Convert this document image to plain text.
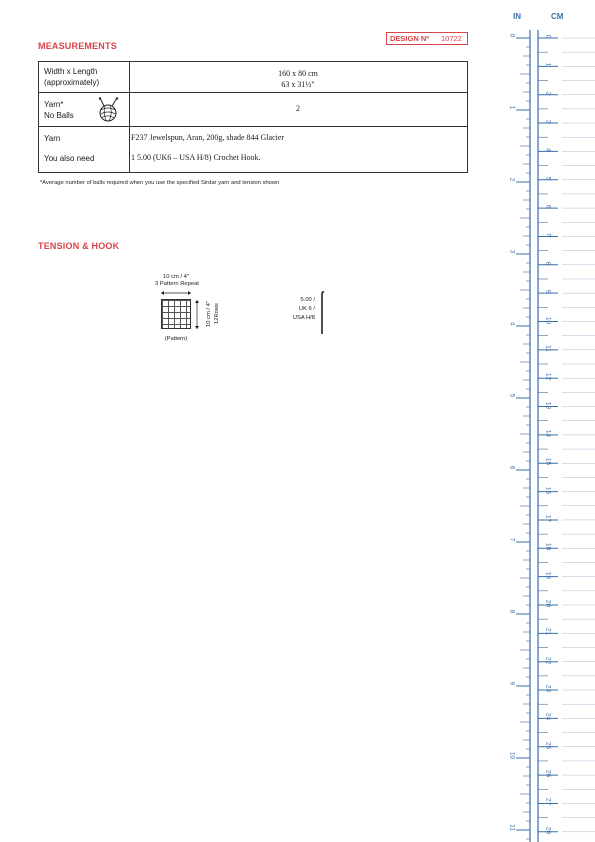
MEASUREMENTS
DESIGN Nº 10722
Width x Length
(approximately)
160 x 80 cm
63 x 31½"
Yarn*
No Balls
2
Yarn
You also need
F237 Jewelspun, Aran, 200g, shade 844 Glacier
1 5.00 (UK6 – USA H/8) Crochet Hook.
*Average number of balls required when you use the specified Sirdar yarn and tension shown
TENSION & HOOK
10 cm / 4"
3 Pattern Repeat
10 cm / 4" 12Rows
(Pattern)
5.00 /
UK 6 /
USA H/8
IN	CM
0
1
2
3
4
5
6
7
8
9
10
11
0
1
2
3
4
5
6
7
8
9
10
11
12
13
14
15
16
17
18
19
20
21
22
23
24
25
26
27
28
